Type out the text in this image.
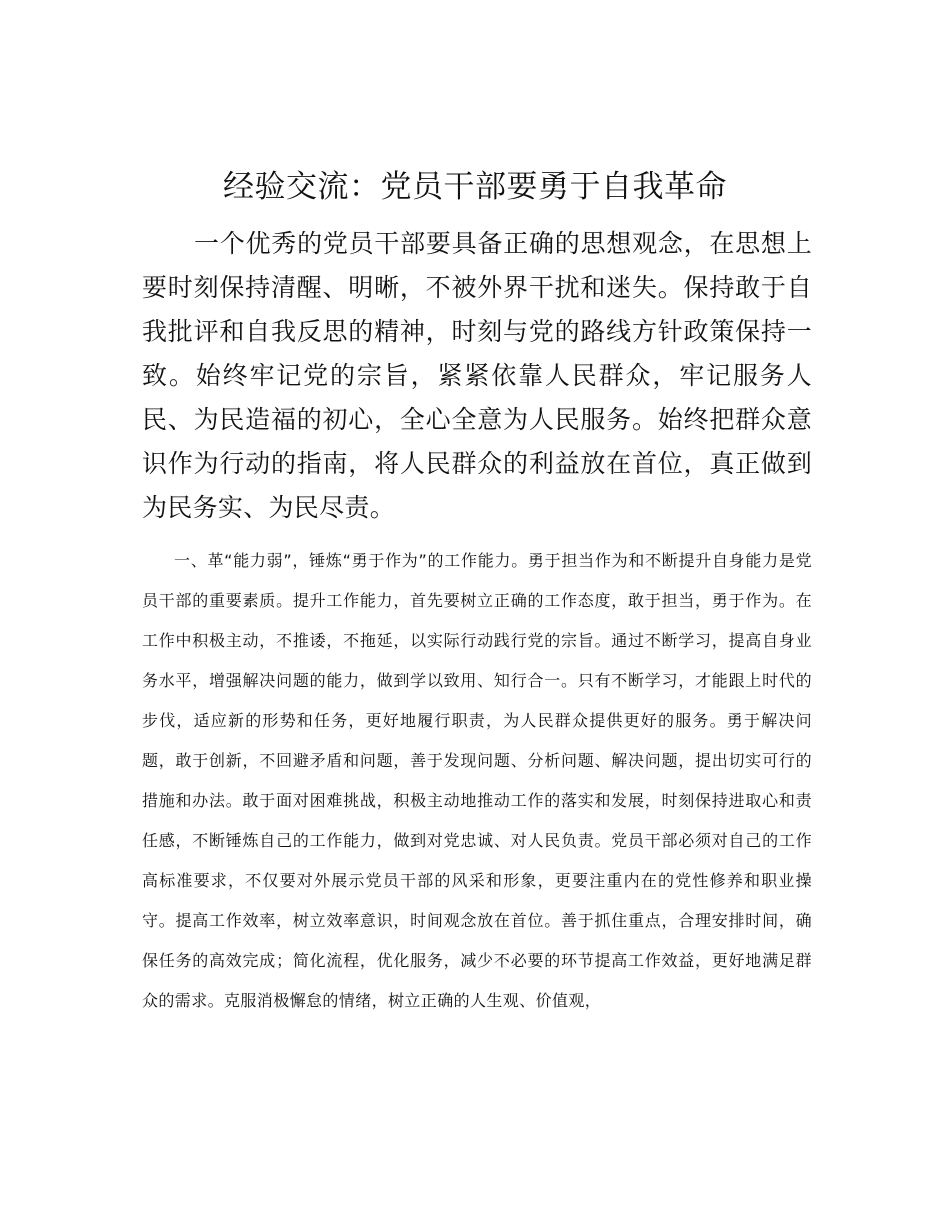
经验交流：党员干部要勇于自我革命

一个优秀的党员干部要具备正确的思想观念，在思想上要时刻保持清醒、明晰，不被外界干扰和迷失。保持敢于自我批评和自我反思的精神，时刻与党的路线方针政策保持一致。始终牢记党的宗旨，紧紧依靠人民群众，牢记服务人民、为民造福的初心，全心全意为人民服务。始终把群众意识作为行动的指南，将人民群众的利益放在首位，真正做到为民务实、为民尽责。

一、革“能力弱”，锤炼“勇于作为”的工作能力。勇于担当作为和不断提升自身能力是党员干部的重要素质。提升工作能力，首先要树立正确的工作态度，敢于担当，勇于作为。在工作中积极主动，不推诿，不拖延，以实际行动践行党的宗旨。通过不断学习，提高自身业务水平，增强解决问题的能力，做到学以致用、知行合一。只有不断学习，才能跟上时代的步伐，适应新的形势和任务，更好地履行职责，为人民群众提供更好的服务。勇于解决问题，敢于创新，不回避矛盾和问题，善于发现问题、分析问题、解决问题，提出切实可行的措施和办法。敢于面对困难挑战，积极主动地推动工作的落实和发展，时刻保持进取心和责任感，不断锤炼自己的工作能力，做到对党忠诚、对人民负责。党员干部必须对自己的工作高标准要求，不仅要对外展示党员干部的风采和形象，更要注重内在的党性修养和职业操守。提高工作效率，树立效率意识，时间观念放在首位。善于抓住重点，合理安排时间，确保任务的高效完成；简化流程，优化服务，减少不必要的环节提高工作效益，更好地满足群众的需求。克服消极懈怠的情绪，树立正确的人生观、价值观，
